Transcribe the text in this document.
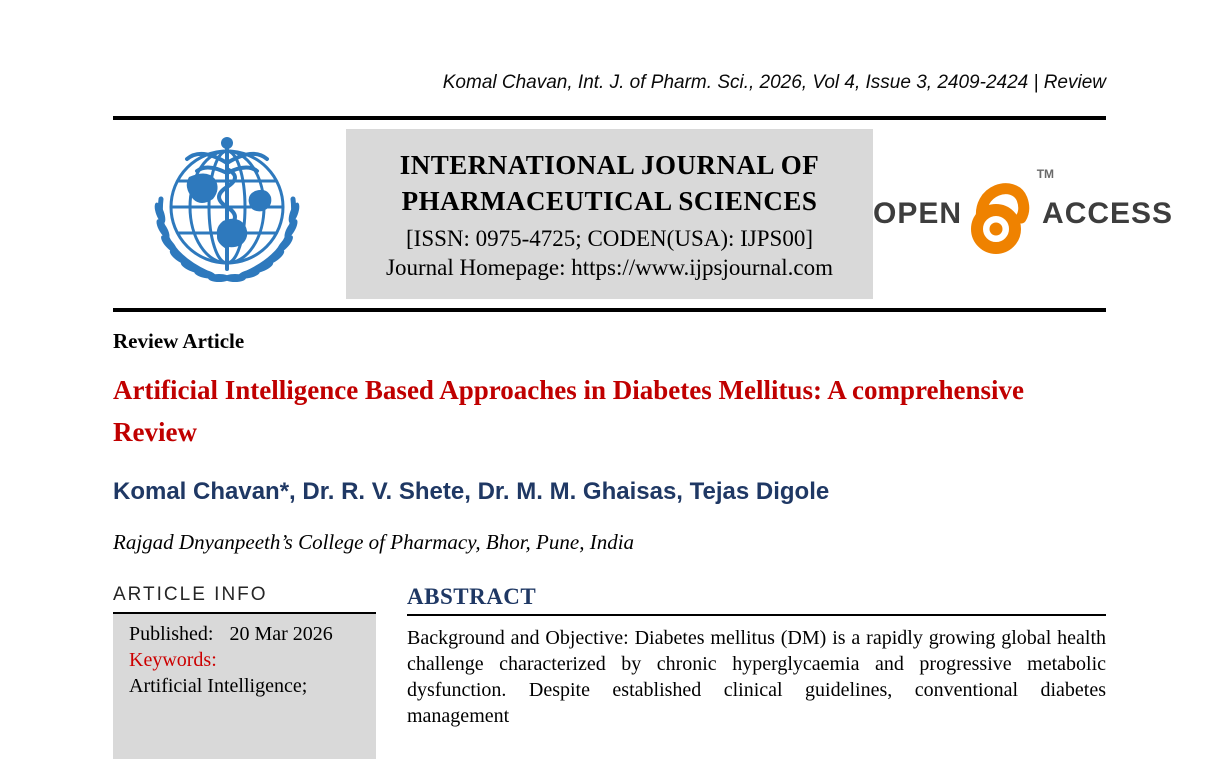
Komal Chavan, Int. J. of Pharm. Sci., 2026, Vol 4, Issue 3, 2409-2424 | Review
INTERNATIONAL JOURNAL OF
PHARMACEUTICAL SCIENCES
[ISSN: 0975-4725; CODEN(USA): IJPS00]
Journal Homepage: https://www.ijpsjournal.com
OPEN
TM
ACCESS
Review Article
Artificial Intelligence Based Approaches in Diabetes Mellitus: A comprehensive Review
Komal Chavan*, Dr. R. V. Shete, Dr. M. M. Ghaisas, Tejas Digole
Rajgad Dnyanpeeth’s College of Pharmacy, Bhor, Pune, India
ARTICLE INFO
Published: 20 Mar 2026
Keywords:
Artificial Intelligence;
ABSTRACT
Background and Objective: Diabetes mellitus (DM) is a rapidly growing global health challenge characterized by chronic hyperglycaemia and progressive metabolic dysfunction. Despite established clinical guidelines, conventional diabetes management
